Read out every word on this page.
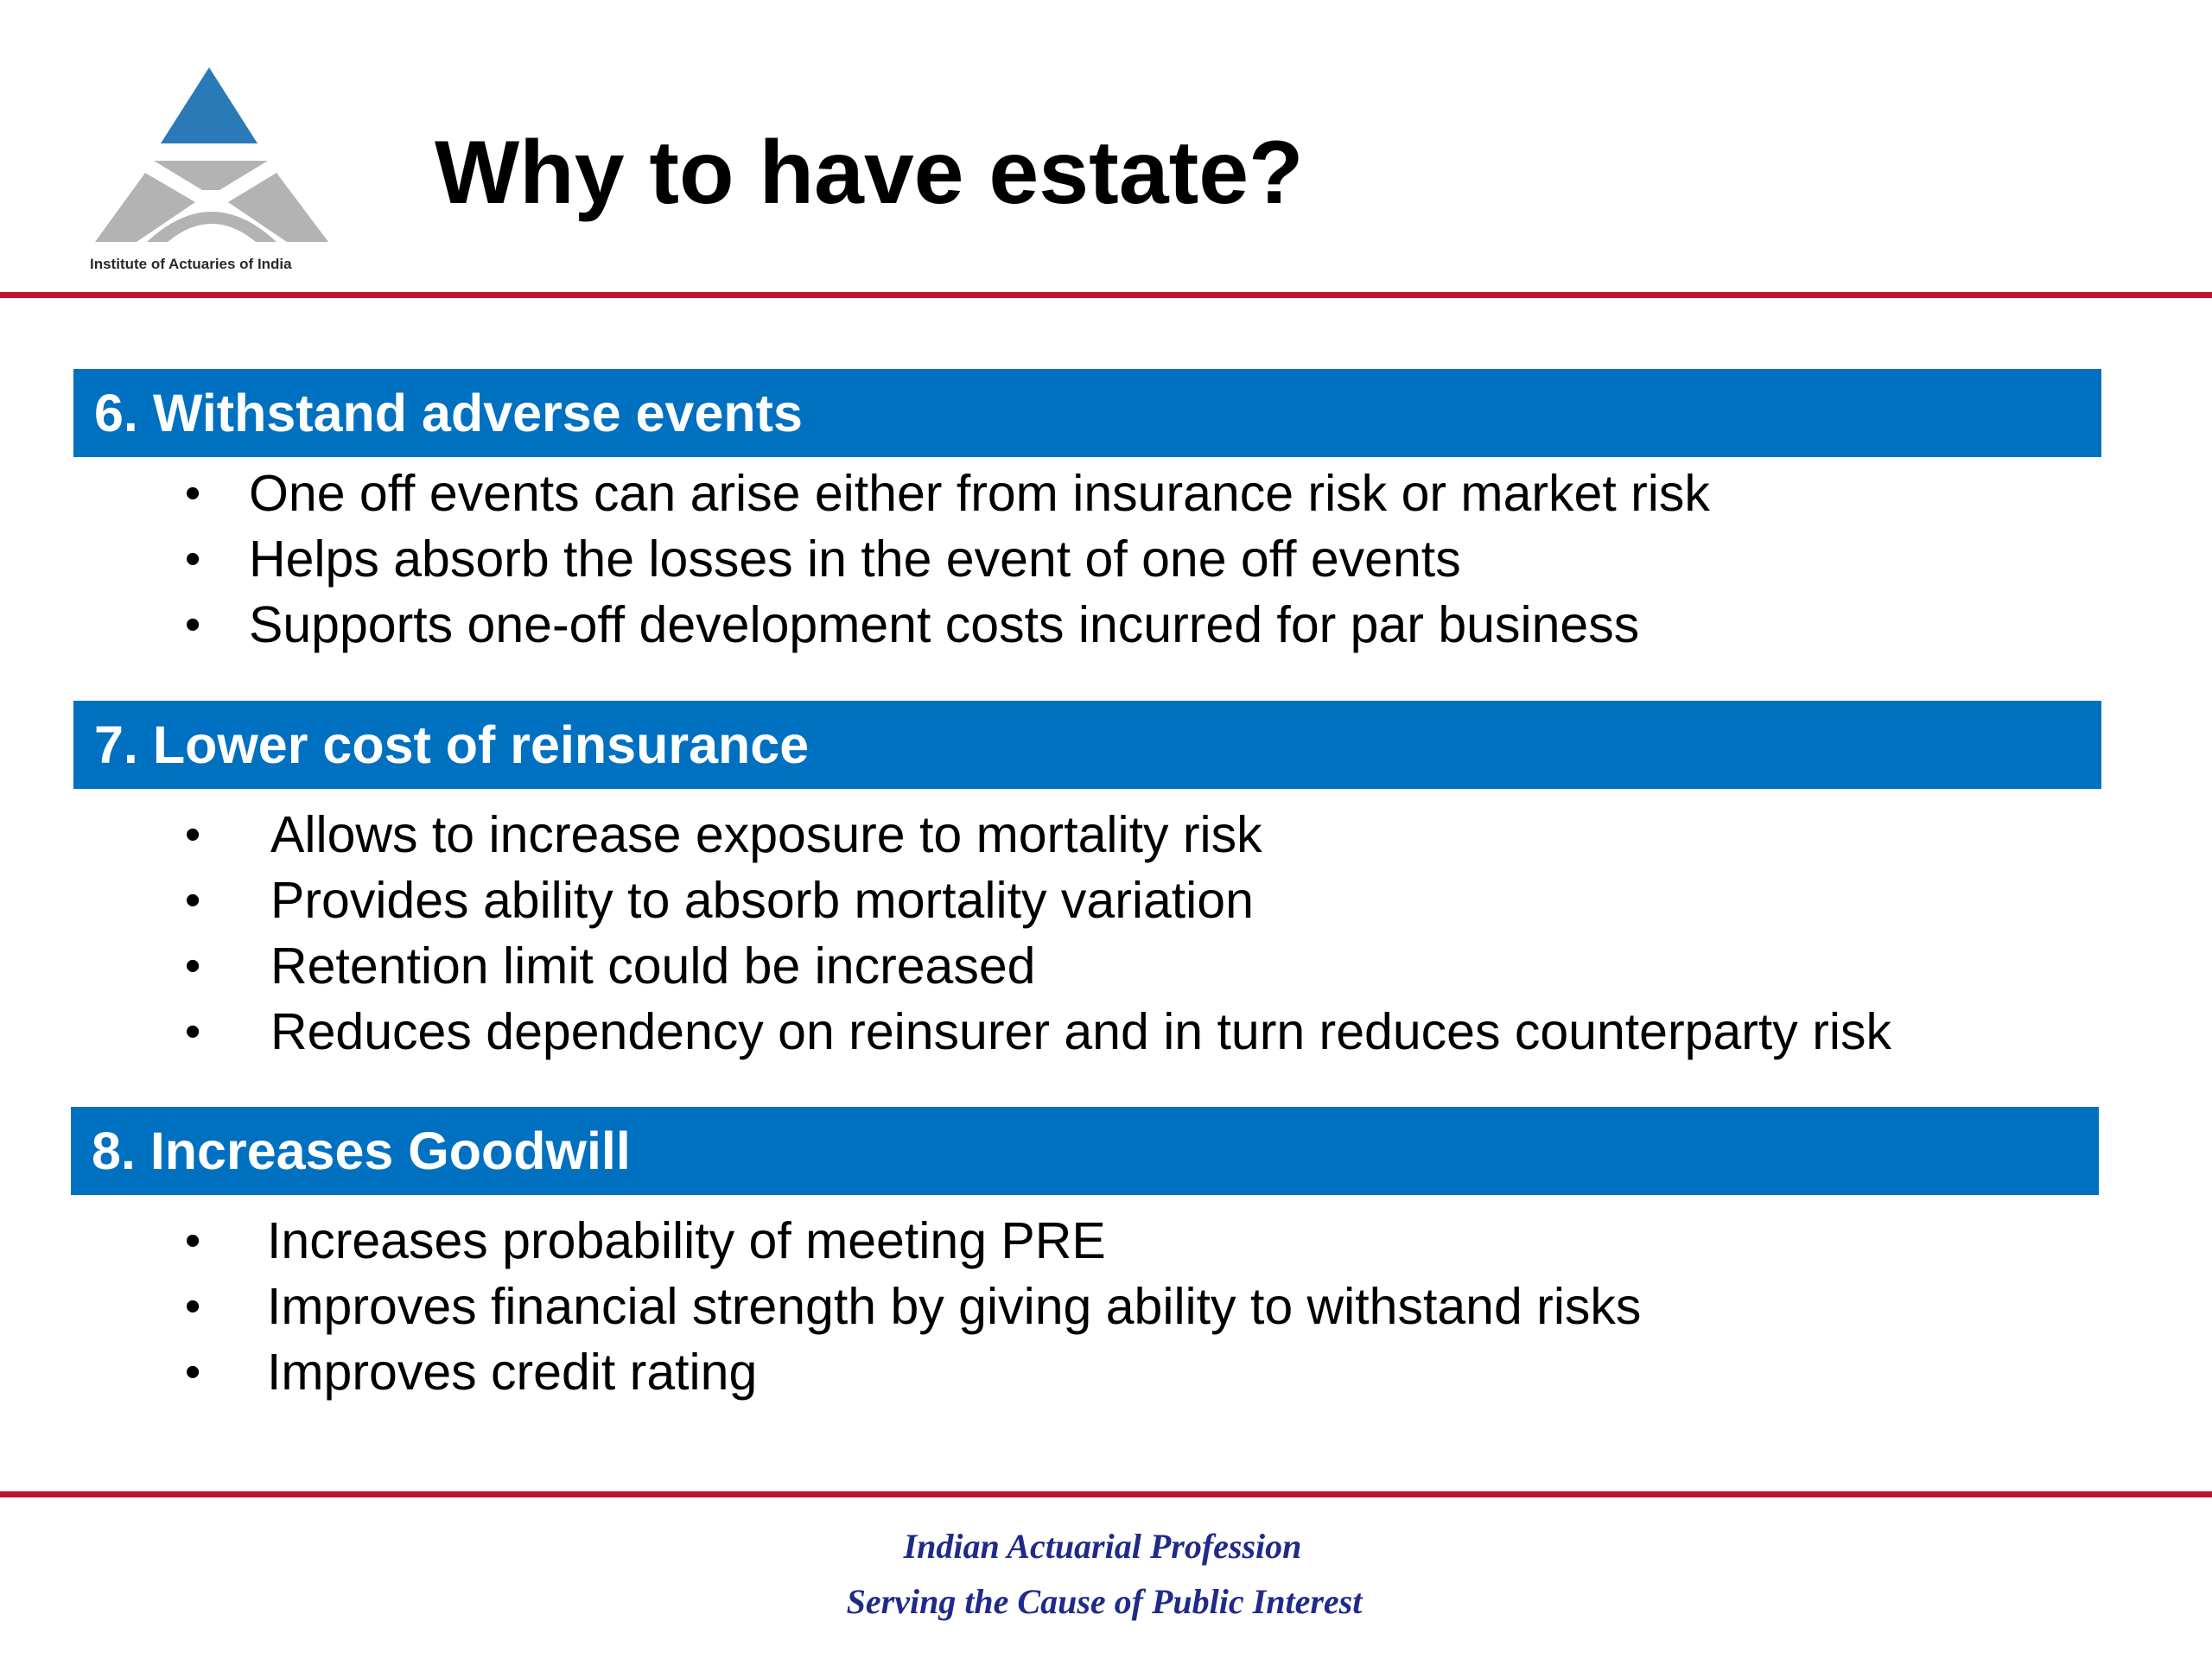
Institute of Actuaries of India
Why to have estate?
6. Withstand adverse events
• One off events can arise either from insurance risk or market risk
• Helps absorb the losses in the event of one off events
• Supports one-off development costs incurred for par business
7. Lower cost of reinsurance
• Allows to increase exposure to mortality risk
• Provides ability to absorb mortality variation
• Retention limit could be increased
• Reduces dependency on reinsurer and in turn reduces counterparty risk
8. Increases Goodwill
• Increases probability of meeting PRE
• Improves financial strength by giving ability to withstand risks
• Improves credit rating
Indian Actuarial Profession
Serving the Cause of Public Interest
